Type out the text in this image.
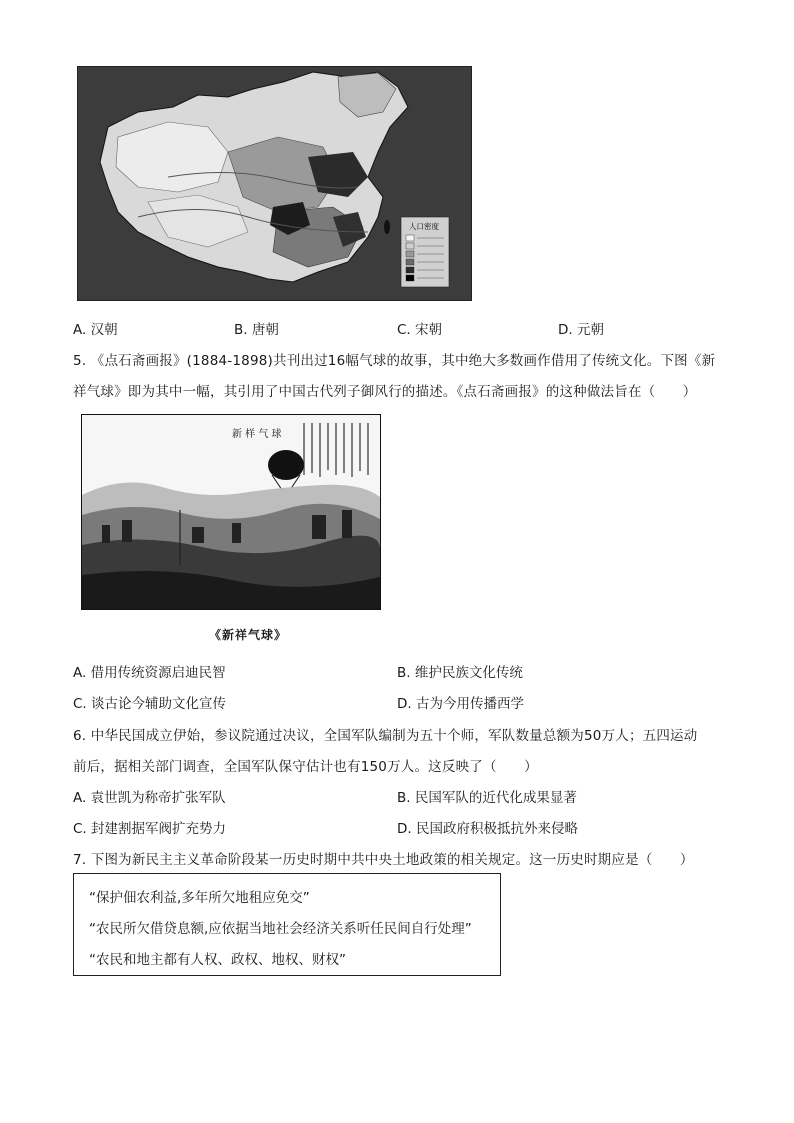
人口密度
A. 汉朝	B. 唐朝	C. 宋朝	D. 元朝
5. 《点石斋画报》(1884-1898)共刊出过16幅气球的故事，其中绝大多数画作借用了传统文化。下图《新
祥气球》即为其中一幅，其引用了中国古代列子御风行的描述。《点石斋画报》的这种做法旨在（　　）
新 样 气 球
《新祥气球》
A. 借用传统资源启迪民智	B. 维护民族文化传统
C. 谈古论今辅助文化宣传	D. 古为今用传播西学
6. 中华民国成立伊始，参议院通过决议，全国军队编制为五十个师，军队数量总额为50万人；五四运动
前后，据相关部门调查，全国军队保守估计也有150万人。这反映了（　　）
A. 袁世凯为称帝扩张军队	B. 民国军队的近代化成果显著
C. 封建割据军阀扩充势力	D. 民国政府积极抵抗外来侵略
7. 下图为新民主主义革命阶段某一历史时期中共中央土地政策的相关规定。这一历史时期应是（　　）
“保护佃农利益,多年所欠地租应免交”
“农民所欠借贷息额,应依据当地社会经济关系听任民间自行处理”
“农民和地主都有人权、政权、地权、财权”
